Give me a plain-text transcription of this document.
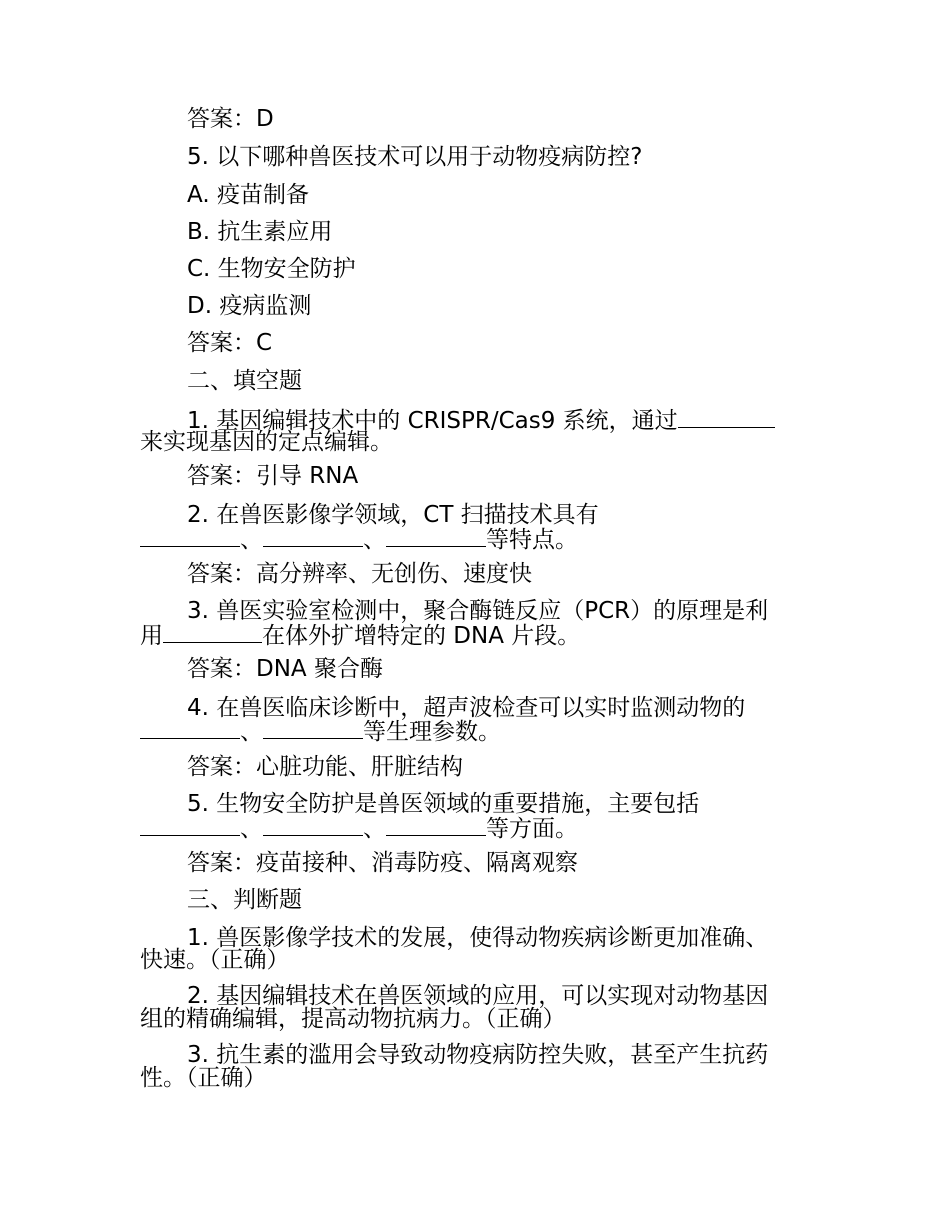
答案：D
5. 以下哪种兽医技术可以用于动物疫病防控?
A. 疫苗制备
B. 抗生素应用
C. 生物安全防护
D. 疫病监测
答案：C
二、填空题
1. 基因编辑技术中的 CRISPR/Cas9 系统，通过
来实现基因的定点编辑。
答案：引导 RNA
2. 在兽医影像学领域，CT 扫描技术具有
、	、	等特点。
答案：高分辨率、无创伤、速度快
3. 兽医实验室检测中，聚合酶链反应（PCR）的原理是利
用	在体外扩增特定的 DNA 片段。
答案：DNA 聚合酶
4. 在兽医临床诊断中，超声波检查可以实时监测动物的
、	等生理参数。
答案：心脏功能、肝脏结构
5. 生物安全防护是兽医领域的重要措施，主要包括
、	、	等方面。
答案：疫苗接种、消毒防疫、隔离观察
三、判断题
1. 兽医影像学技术的发展，使得动物疾病诊断更加准确、
快速。（正确）
2. 基因编辑技术在兽医领域的应用，可以实现对动物基因
组的精确编辑，提高动物抗病力。（正确）
3. 抗生素的滥用会导致动物疫病防控失败，甚至产生抗药
性。（正确）
